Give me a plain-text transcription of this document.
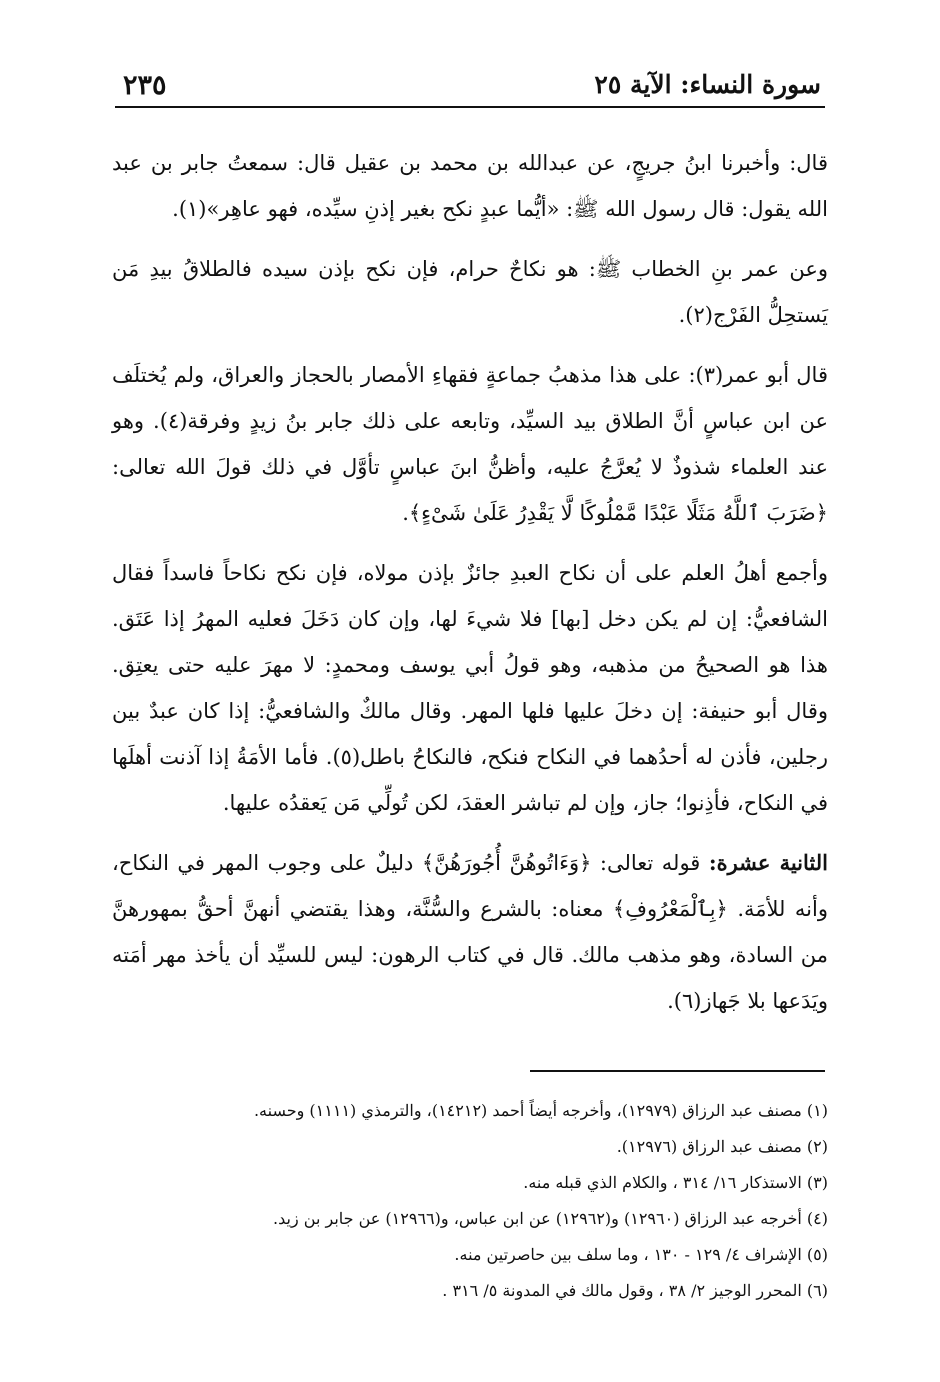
سورة النساء: الآية ٢٥
٢٣٥

قال: وأخبرنا ابنُ جريجٍ، عن عبدالله بن محمد بن عقيل قال: سمعتُ جابر بن عبد الله يقول: قال رسول الله ﷺ: «أيُّما عبدٍ نكح بغير إذنِ سيِّده، فهو عاهِر»(١).

وعن عمر بنِ الخطاب ﷺ: هو نكاحٌ حرام، فإن نكح بإذن سيده فالطلاقُ بيدِ مَن يَستحِلُّ الفَرْج(٢).

قال أبو عمر(٣): على هذا مذهبُ جماعةٍ فقهاءِ الأمصار بالحجاز والعراق، ولم يُختلَف عن ابن عباسٍ أنَّ الطلاق بيد السيِّد، وتابعه على ذلك جابر بنُ زيدٍ وفرقة(٤). وهو عند العلماء شذوذٌ لا يُعرَّجُ عليه، وأظنُّ ابنَ عباسٍ تأوَّل في ذلك قولَ الله تعالى: ﴿ضَرَبَ ٱللَّهُ مَثَلًا عَبْدًا مَّمْلُوكًا لَّا يَقْدِرُ عَلَىٰ شَىْءٍ﴾.

وأجمع أهلُ العلم على أن نكاح العبدِ جائزٌ بإذن مولاه، فإن نكح نكاحاً فاسداً فقال الشافعيُّ: إن لم يكن دخل [بها] فلا شيءَ لها، وإن كان دَخَلَ فعليه المهرُ إذا عَتَق. هذا هو الصحيحُ من مذهبه، وهو قولُ أبي يوسف ومحمدٍ: لا مهرَ عليه حتى يعتِق. وقال أبو حنيفة: إن دخلَ عليها فلها المهر. وقال مالكٌ والشافعيُّ: إذا كان عبدٌ بين رجلين، فأذن له أحدُهما في النكاح فنكح، فالنكاحُ باطل(٥). فأما الأمَةُ إذا آذنت أهلَها في النكاح، فأذِنوا؛ جاز، وإن لم تباشر العقدَ، لكن تُولِّي مَن يَعقدُه عليها.

الثانية عشرة: قوله تعالى: ﴿وَءَاتُوهُنَّ أُجُورَهُنَّ﴾ دليلٌ على وجوب المهر في النكاح، وأنه للأمَة. ﴿بِٱلْمَعْرُوفِ﴾ معناه: بالشرع والسُّنَّة، وهذا يقتضي أنهنَّ أحقُّ بمهورهنَّ من السادة، وهو مذهب مالك. قال في كتاب الرهون: ليس للسيِّد أن يأخذ مهر أمَته ويَدَعها بلا جَهاز(٦).

(١) مصنف عبد الرزاق (١٢٩٧٩)، وأخرجه أيضاً أحمد (١٤٢١٢)، والترمذي (١١١١) وحسنه.

(٢) مصنف عبد الرزاق (١٢٩٧٦).

(٣) الاستذكار ١٦/ ٣١٤ ، والكلام الذي قبله منه.

(٤) أخرجه عبد الرزاق (١٢٩٦٠) و(١٢٩٦٢) عن ابن عباس، و(١٢٩٦٦) عن جابر بن زيد.

(٥) الإشراف ٤/ ١٢٩ - ١٣٠ ، وما سلف بين حاصرتين منه.

(٦) المحرر الوجيز ٢/ ٣٨ ، وقول مالك في المدونة ٥/ ٣١٦ .
